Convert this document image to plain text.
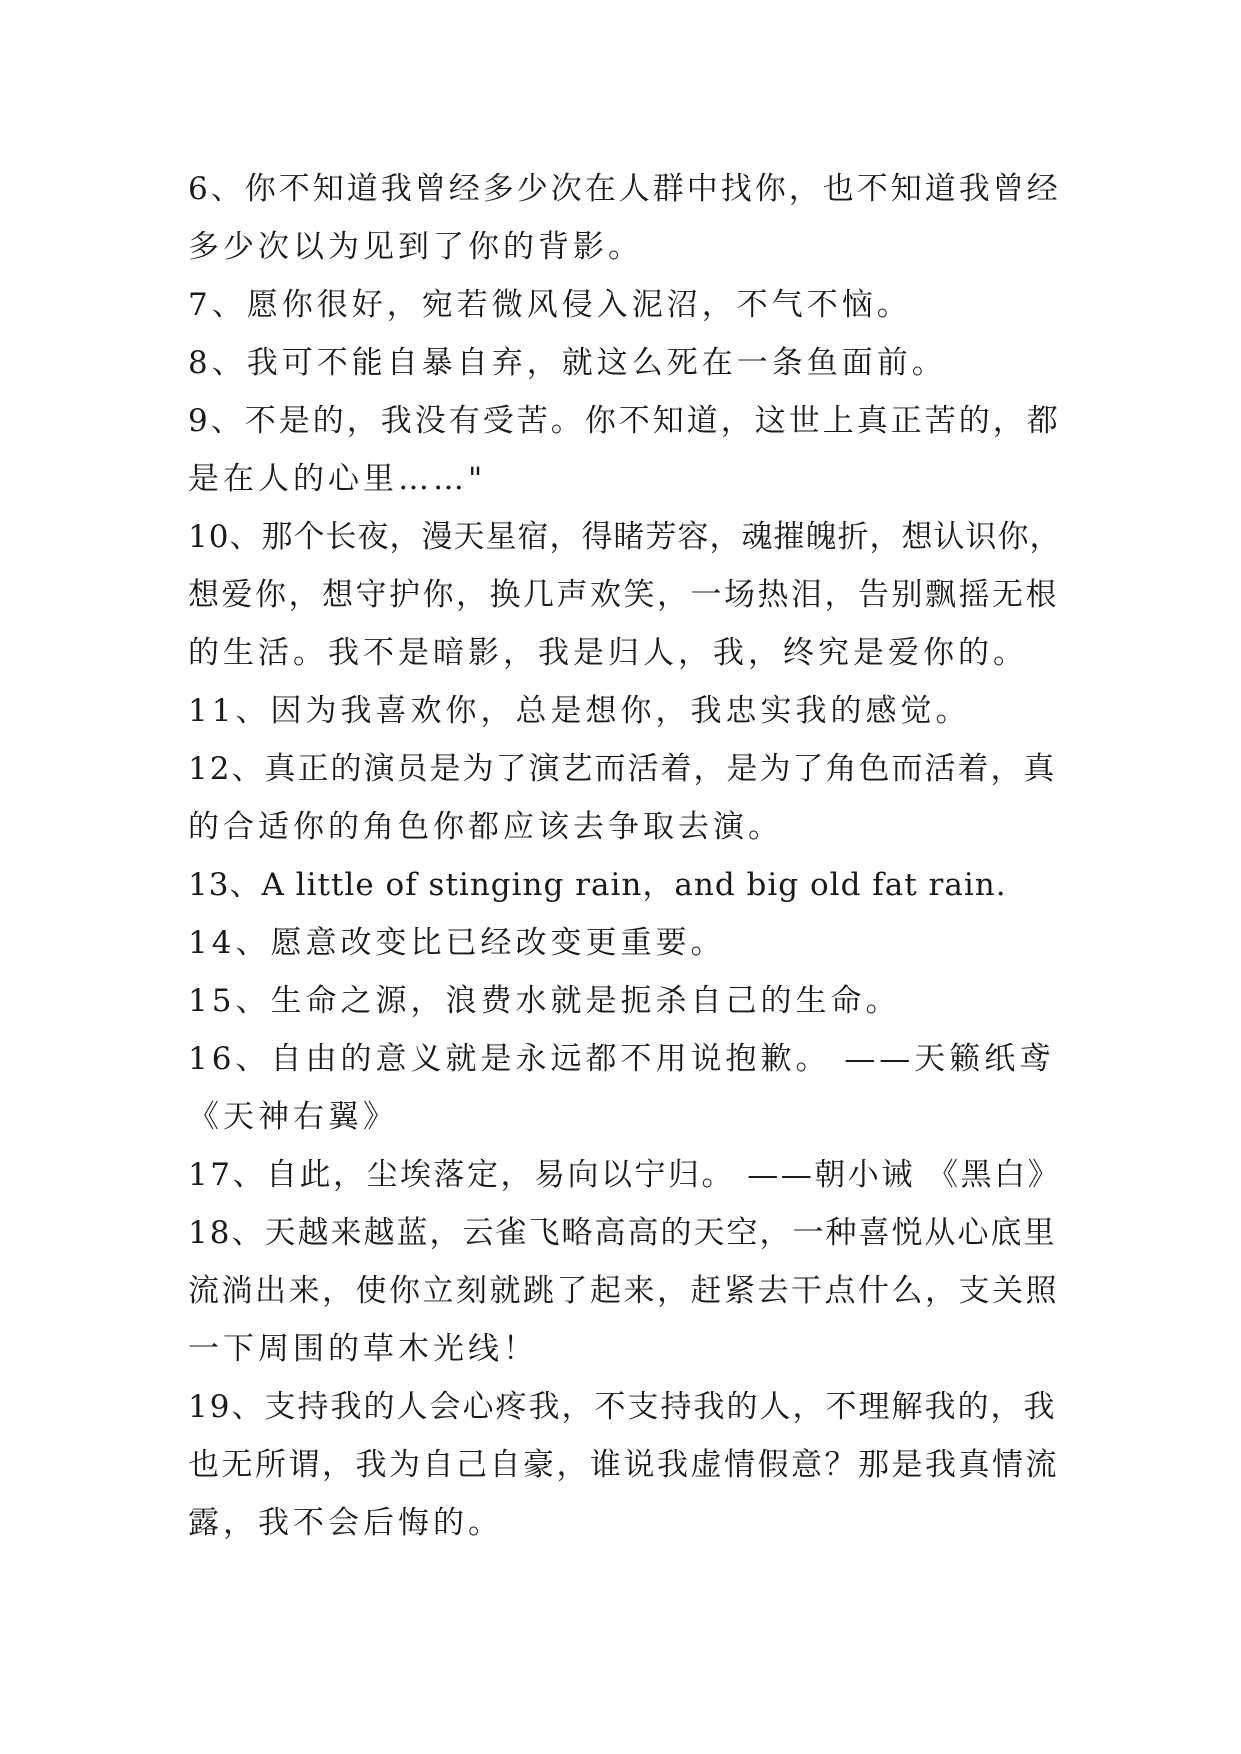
6、你不知道我曾经多少次在人群中找你，也不知道我曾经
多少次以为见到了你的背影。
7、愿你很好，宛若微风侵入泥沼，不气不恼。
8、我可不能自暴自弃，就这么死在一条鱼面前。
9、不是的，我没有受苦。你不知道，这世上真正苦的，都
是在人的心里……"
10、那个长夜，漫天星宿，得睹芳容，魂摧魄折，想认识你，
想爱你，想守护你，换几声欢笑，一场热泪，告别飘摇无根
的生活。我不是暗影，我是归人，我，终究是爱你的。
11、因为我喜欢你，总是想你，我忠实我的感觉。
12、真正的演员是为了演艺而活着，是为了角色而活着，真
的合适你的角色你都应该去争取去演。
13、A little of stinging rain，and big old fat rain.
14、愿意改变比已经改变更重要。
15、生命之源，浪费水就是扼杀自己的生命。
16、自由的意义就是永远都不用说抱歉。 ——天籁纸鸢
《天神右翼》
17、自此，尘埃落定，易向以宁归。 ——朝小诫 《黑白》
18、天越来越蓝，云雀飞略高高的天空，一种喜悦从心底里
流淌出来，使你立刻就跳了起来，赶紧去干点什么，支关照
一下周围的草木光线！
19、支持我的人会心疼我，不支持我的人，不理解我的，我
也无所谓，我为自己自豪，谁说我虚情假意？那是我真情流
露，我不会后悔的。
